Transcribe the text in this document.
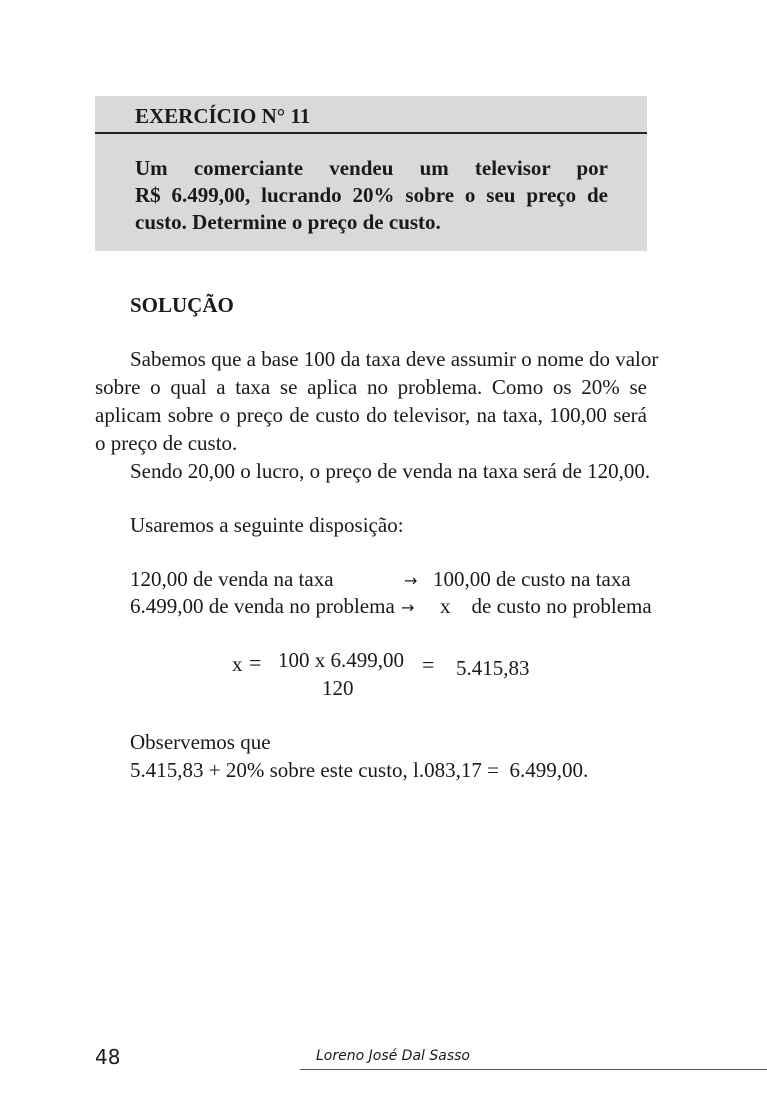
EXERCÍCIO N° 11
Um comerciante vendeu um televisor por
R$ 6.499,00, lucrando 20% sobre o seu preço de
custo. Determine o preço de custo.
SOLUÇÃO
Sabemos que a base 100 da taxa deve assumir o nome do valor
sobre o qual a taxa se aplica no problema. Como os 20% se
aplicam sobre o preço de custo do televisor, na taxa, 100,00 será
o preço de custo.
Sendo 20,00 o lucro, o preço de venda na taxa será de 120,00.
Usaremos a seguinte disposição:
120,00 de venda na taxa	→ 100,00 de custo na taxa
6.499,00 de venda no problema → x    de custo no problema
x = 100 x 6.499,00
120
= 5.415,83
Observemos que
5.415,83 + 20% sobre este custo, l.083,17 =  6.499,00.
48	Loreno José Dal Sasso
